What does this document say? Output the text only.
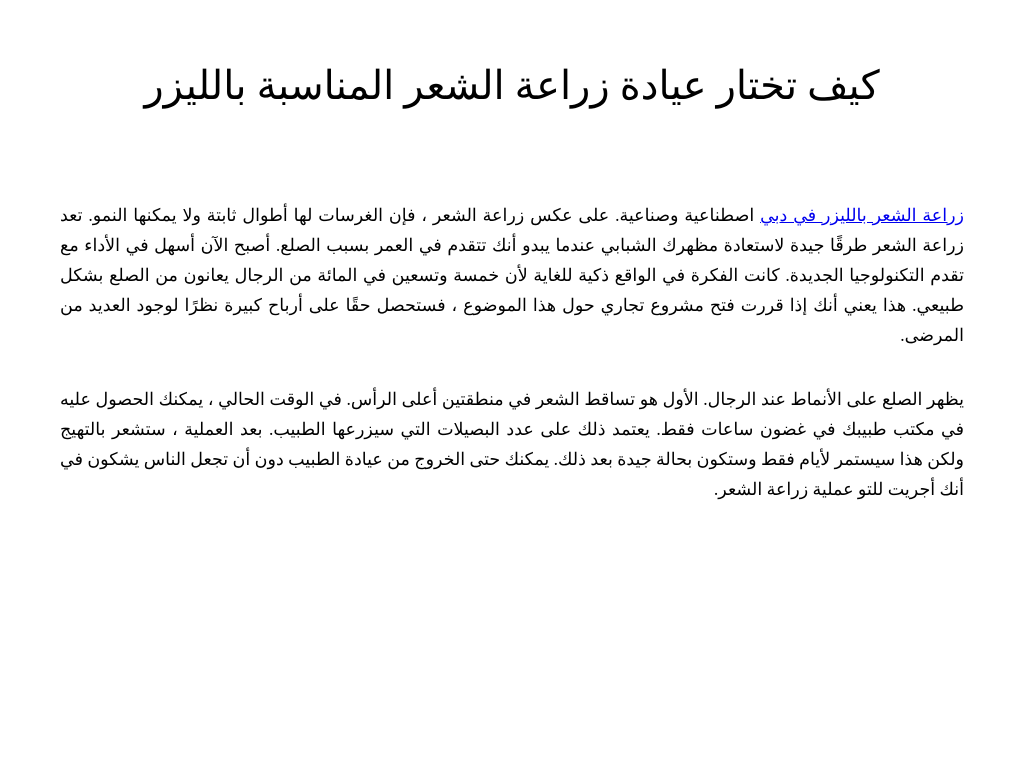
كيف تختار عيادة زراعة الشعر المناسبة بالليزر

زراعة الشعر بالليزر في دبي اصطناعية وصناعية. على عكس زراعة الشعر ، فإن الغرسات لها أطوال ثابتة ولا يمكنها النمو. تعد زراعة الشعر طرقًا جيدة لاستعادة مظهرك الشبابي عندما يبدو أنك تتقدم في العمر بسبب الصلع. أصبح الآن أسهل في الأداء مع تقدم التكنولوجيا الجديدة. كانت الفكرة في الواقع ذكية للغاية لأن خمسة وتسعين في المائة من الرجال يعانون من الصلع بشكل طبيعي. هذا يعني أنك إذا قررت فتح مشروع تجاري حول هذا الموضوع ، فستحصل حقًا على أرباح كبيرة نظرًا لوجود العديد من المرضى.

يظهر الصلع على الأنماط عند الرجال. الأول هو تساقط الشعر في منطقتين أعلى الرأس. في الوقت الحالي ، يمكنك الحصول عليه في مكتب طبيبك في غضون ساعات فقط. يعتمد ذلك على عدد البصيلات التي سيزرعها الطبيب. بعد العملية ، ستشعر بالتهيج ولكن هذا سيستمر لأيام فقط وستكون بحالة جيدة بعد ذلك. يمكنك حتى الخروج من عيادة الطبيب دون أن تجعل الناس يشكون في أنك أجريت للتو عملية زراعة الشعر.
